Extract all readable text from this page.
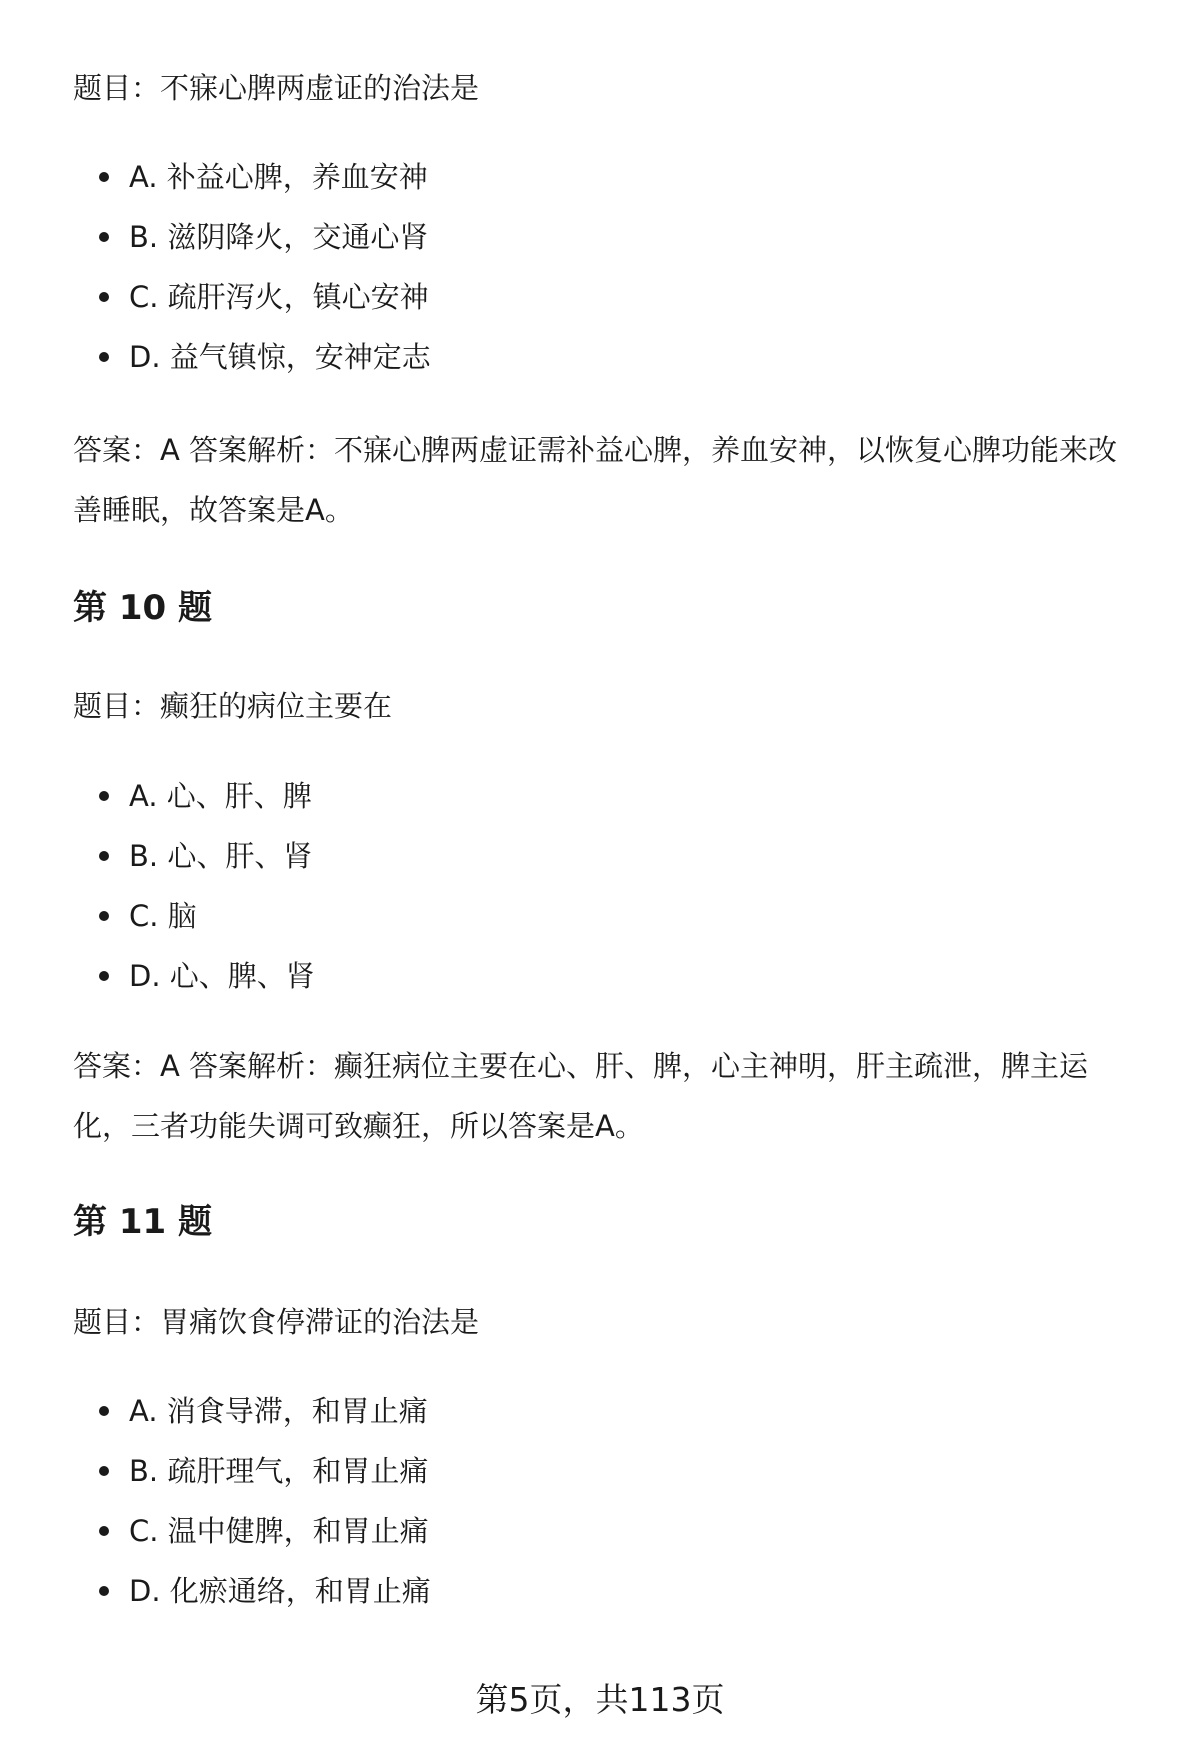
题目：不寐心脾两虚证的治法是

A. 补益心脾，养血安神
B. 滋阴降火，交通心肾
C. 疏肝泻火，镇心安神
D. 益气镇惊，安神定志

答案：A 答案解析：不寐心脾两虚证需补益心脾，养血安神，以恢复心脾功能来改

善睡眠，故答案是A。

第 10 题

题目：癫狂的病位主要在

A. 心、肝、脾
B. 心、肝、肾
C. 脑
D. 心、脾、肾

答案：A 答案解析：癫狂病位主要在心、肝、脾，心主神明，肝主疏泄，脾主运

化，三者功能失调可致癫狂，所以答案是A。

第 11 题

题目：胃痛饮食停滞证的治法是

A. 消食导滞，和胃止痛
B. 疏肝理气，和胃止痛
C. 温中健脾，和胃止痛
D. 化瘀通络，和胃止痛
第5页，共113页
